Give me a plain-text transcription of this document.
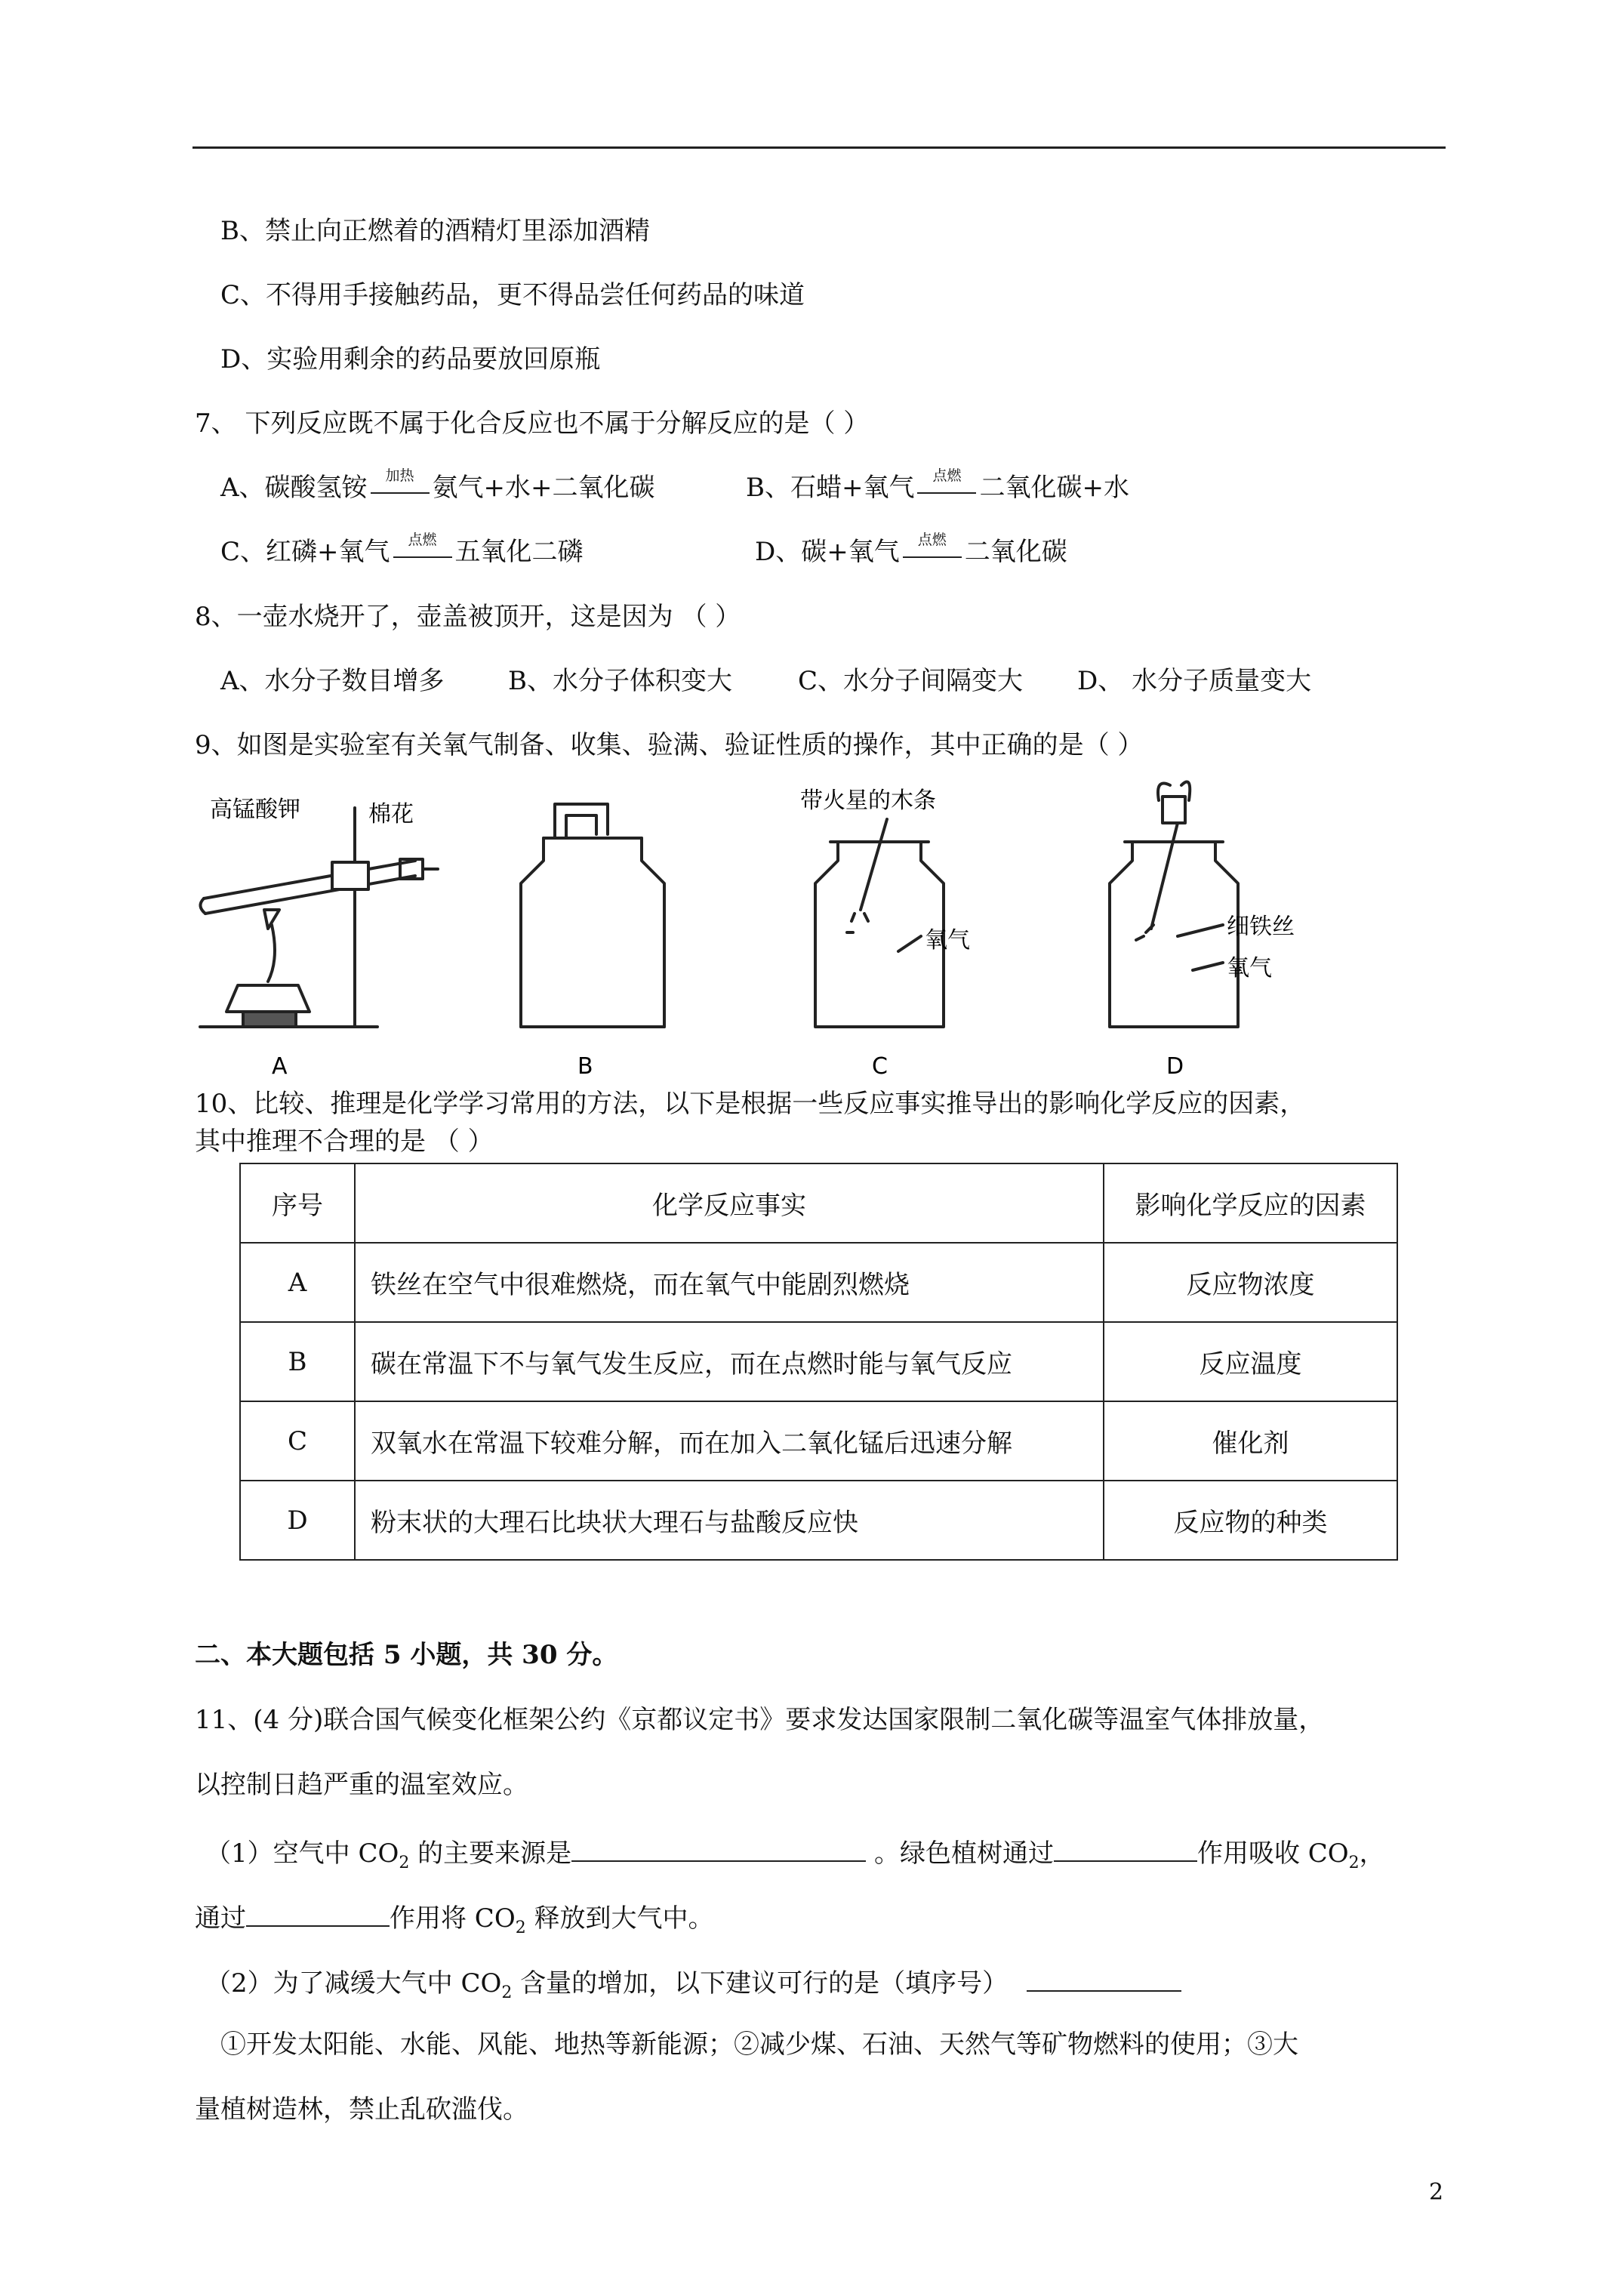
B、禁止向正燃着的酒精灯里添加酒精
C、不得用手接触药品，更不得品尝任何药品的味道
D、实验用剩余的药品要放回原瓶
7、 下列反应既不属于化合反应也不属于分解反应的是（ ）
A、碳酸氢铵	加热 氨气+水+二氧化碳	B、石蜡+氧气	点燃 二氧化碳+水
C、红磷+氧气	点燃 五氧化二磷	D、碳+氧气	点燃 二氧化碳
8、一壶水烧开了，壶盖被顶开，这是因为 （ ）
A、水分子数目增多 B、水分子体积变大	C、水分子间隔变大 D、 水分子质量变大
9、如图是实验室有关氧气制备、收集、验满、验证性质的操作，其中正确的是（ ）
高锰酸钾	棉花
带火星的木条
氧气
细铁丝
氧气
A	B	C	D
10、比较、推理是化学学习常用的方法，以下是根据一些反应事实推导出的影响化学反应的因素，
其中推理不合理的是 （ ）
序号	化学反应事实	影响化学反应的因素
A	铁丝在空气中很难燃烧，而在氧气中能剧烈燃烧	反应物浓度
B	碳在常温下不与氧气发生反应，而在点燃时能与氧气反应	反应温度
C	双氧水在常温下较难分解，而在加入二氧化锰后迅速分解	催化剂
D	粉末状的大理石比块状大理石与盐酸反应快	反应物的种类
二、本大题包括 5 小题，共 30 分。
11、(4 分)联合国气候变化框架公约《京都议定书》要求发达国家限制二氧化碳等温室气体排放量，
以控制日趋严重的温室效应。
（1）空气中 $CO_2$ 的主要来源是	。绿色植树通过	作用吸收 $CO_2$，
通过	作用将 $CO_2$ 释放到大气中。
（2）为了减缓大气中 $CO_2$ 含量的增加，以下建议可行的是（填序号）
①开发太阳能、水能、风能、地热等新能源；②减少煤、石油、天然气等矿物燃料的使用；③大
量植树造林，禁止乱砍滥伐。
2
